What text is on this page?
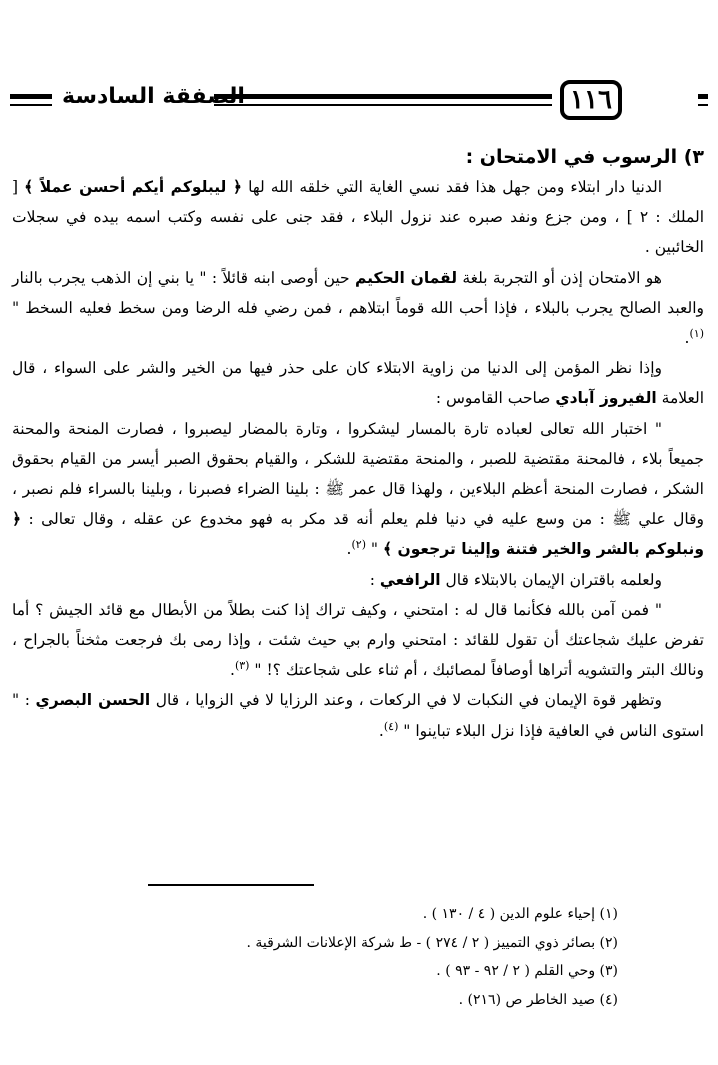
١١٦
الصفقة السادسة

٣) الرسوب في الامتحان :

الدنيا دار ابتلاء ومن جهل هذا فقد نسي الغاية التي خلقه الله لها ﴿ ليبلوكم أيكم أحسن عملاً ﴾ [ الملك : ٢ ] ، ومن جزع ونفد صبره عند نزول البلاء ، فقد جنى على نفسه وكتب اسمه بيده في سجلات الخائبين .

هو الامتحان إذن أو التجربة بلغة لقمان الحكيم حين أوصى ابنه قائلاً : " يا بني إن الذهب يجرب بالنار والعبد الصالح يجرب بالبلاء ، فإذا أحب الله قوماً ابتلاهم ، فمن رضي فله الرضا ومن سخط فعليه السخط " $^{(١)}$.

وإذا نظر المؤمن إلى الدنيا من زاوية الابتلاء كان على حذر فيها من الخير والشر على السواء ، قال العلامة الفيروز آبادي صاحب القاموس :

" اختبار الله تعالى لعباده تارة بالمسار ليشكروا ، وتارة بالمضار ليصبروا ، فصارت المنحة والمحنة جميعاً بلاء ، فالمحنة مقتضية للصبر ، والمنحة مقتضية للشكر ، والقيام بحقوق الصبر أيسر من القيام بحقوق الشكر ، فصارت المنحة أعظم البلاءين ، ولهذا قال عمر ﷺ : بلينا الضراء فصبرنا ، وبلينا بالسراء فلم نصبر ، وقال علي ﷺ : من وسع عليه في دنيا فلم يعلم أنه قد مكر به فهو مخدوع عن عقله ، وقال تعالى : ﴿ ونبلوكم بالشر والخير فتنة وإلينا ترجعون ﴾ " $^{(٢)}$.

ولعلمه باقتران الإيمان بالابتلاء قال الرافعي :

" فمن آمن بالله فكأنما قال له : امتحني ، وكيف تراك إذا كنت بطلاً من الأبطال مع قائد الجيش ؟ أما تفرض عليك شجاعتك أن تقول للقائد : امتحني وارم بي حيث شئت ، وإذا رمى بك فرجعت مثخناً بالجراح ، ونالك البتر والتشويه أتراها أوصافاً لمصائبك ، أم ثناء على شجاعتك ؟! " $^{(٣)}$.

وتظهر قوة الإيمان في النكبات لا في الركعات ، وعند الرزايا لا في الزوايا ، قال الحسن البصري : " استوى الناس في العافية فإذا نزل البلاء تباينوا " $^{(٤)}$.

(١) إحياء علوم الدين ( ٤ / ١٣٠ ) .

(٢) بصائر ذوي التمييز ( ٢ / ٢٧٤ ) - ط شركة الإعلانات الشرقية .

(٣) وحي القلم ( ٢ / ٩٢ - ٩٣ ) .

(٤) صيد الخاطر ص (٢١٦) .
